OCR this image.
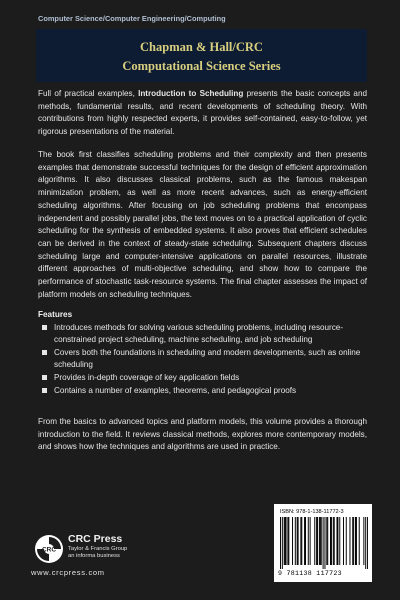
Computer Science/Computer Engineering/Computing
Chapman & Hall/CRC
Computational Science Series

Full of practical examples, Introduction to Scheduling presents the basic concepts and methods, fundamental results, and recent developments of scheduling theory. With contributions from highly respected experts, it provides self-contained, easy-to-follow, yet rigorous presentations of the material.

The book first classifies scheduling problems and their complexity and then presents examples that demonstrate successful techniques for the design of efficient approximation algorithms. It also discusses classical problems, such as the famous makespan minimization problem, as well as more recent advances, such as energy-efficient scheduling algorithms. After focusing on job scheduling problems that encompass independent and possibly parallel jobs, the text moves on to a practical application of cyclic scheduling for the synthesis of embedded systems. It also proves that efficient schedules can be derived in the context of steady-state scheduling. Subsequent chapters discuss scheduling large and computer-intensive applications on parallel resources, illustrate different approaches of multi-objective scheduling, and show how to compare the performance of stochastic task-resource systems. The final chapter assesses the impact of platform models on scheduling techniques.

Features
Introduces methods for solving various scheduling problems, including resource-constrained project scheduling, machine scheduling, and job scheduling
Covers both the foundations in scheduling and modern developments, such as online scheduling
Provides in-depth coverage of key application fields
Contains a number of examples, theorems, and pedagogical proofs

From the basics to advanced topics and platform models, this volume provides a thorough introduction to the field. It reviews classical methods, explores more contemporary models, and shows how the techniques and algorithms are used in practice.

CRC
CRC Press
Taylor & Francis Group
an informa business
www.crcpress.com
ISBN: 978-1-138-11772-3
9 781138 117723
